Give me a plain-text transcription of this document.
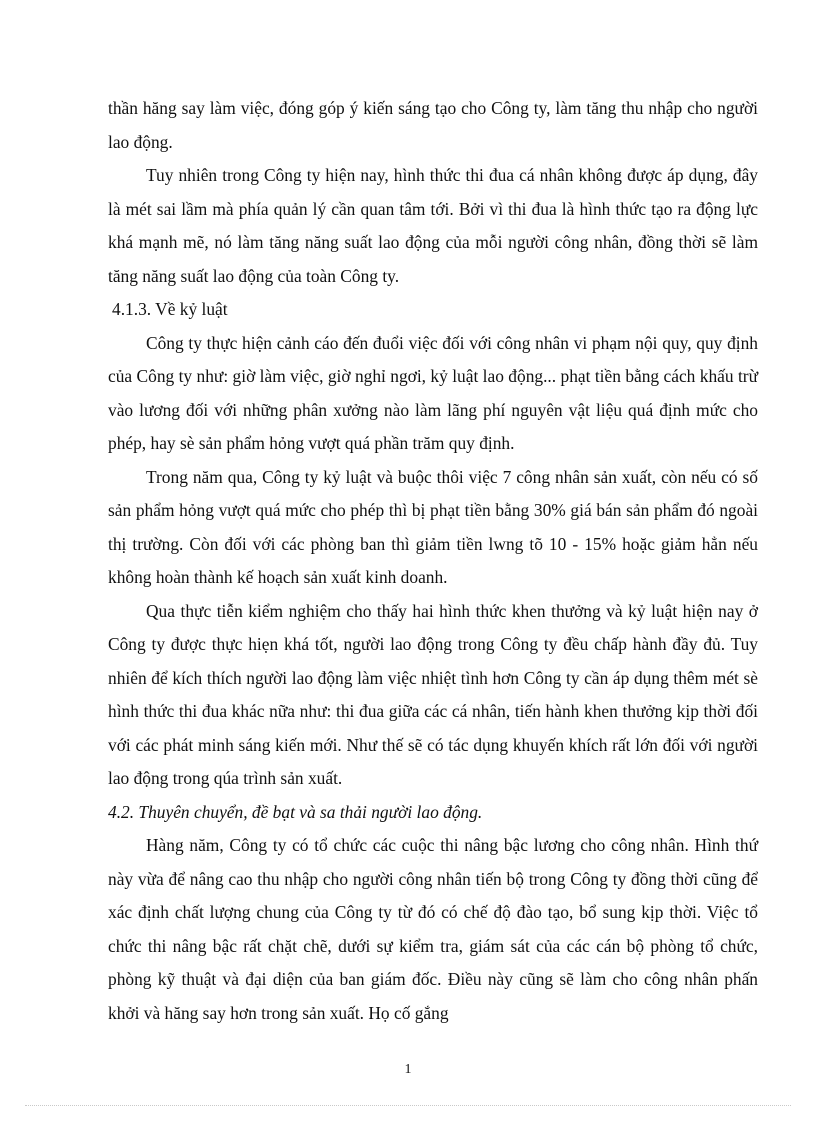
thần hăng say làm việc, đóng góp ý kiến sáng tạo cho Công ty, làm tăng thu nhập cho người lao động.

Tuy nhiên trong Công ty hiện nay, hình thức thi đua cá nhân không được áp dụng, đây là mét sai lầm mà phía quản lý cần quan tâm tới. Bởi vì thi đua là hình thức tạo ra động lực khá mạnh mẽ, nó làm tăng năng suất lao động của mỗi người công nhân, đồng thời sẽ làm tăng năng suất lao động của toàn Công ty.

4.1.3. Về kỷ luật

Công ty thực hiện cảnh cáo đến đuổi việc đối với công nhân vi phạm nội quy, quy định của Công ty như: giờ làm việc, giờ nghỉ ngơi, kỷ luật lao động... phạt tiền bằng cách khấu trừ vào lương đối với những phân xưởng nào làm lãng phí nguyên vật liệu quá định mức cho phép, hay sè sản phẩm hỏng vượt quá phần trăm quy định.

Trong năm qua, Công ty kỷ luật và buộc thôi việc 7 công nhân sản xuất, còn nếu có số sản phẩm hỏng vượt quá mức cho phép thì bị phạt tiền bằng 30% giá bán sản phẩm đó ngoài thị trường. Còn đối với các phòng ban thì giảm tiền lwng tõ 10 - 15% hoặc giảm hẳn nếu không hoàn thành kế hoạch sản xuất kinh doanh.

Qua thực tiễn kiểm nghiệm cho thấy hai hình thức khen thưởng và kỷ luật hiện nay ở Công ty được thực hiẹn khá tốt, người lao động trong Công ty đều chấp hành đầy đủ. Tuy nhiên để kích thích người lao động làm việc nhiệt tình hơn Công ty cần áp dụng thêm mét sè hình thức thi đua khác nữa như: thi đua giữa các cá nhân, tiến hành khen thưởng kịp thời đối với các phát minh sáng kiến mới. Như thế sẽ có tác dụng khuyến khích rất lớn đối với người lao động trong qúa trình sản xuất.

4.2. Thuyên chuyển, đề bạt và sa thải người lao động.

Hàng năm, Công ty có tổ chức các cuộc thi nâng bậc lương cho công nhân. Hình thứ này vừa để nâng cao thu nhập cho người công nhân tiến bộ trong Công ty đồng thời cũng để xác định chất lượng chung của Công ty từ đó có chế độ đào tạo, bổ sung kịp thời. Việc tổ chức thi nâng bậc rất chặt chẽ, dưới sự kiểm tra, giám sát của các cán bộ phòng tổ chức, phòng kỹ thuật và đại diện của ban giám đốc. Điều này cũng sẽ làm cho công nhân phấn khởi và hăng say hơn trong sản xuất. Họ cố gắng

1
